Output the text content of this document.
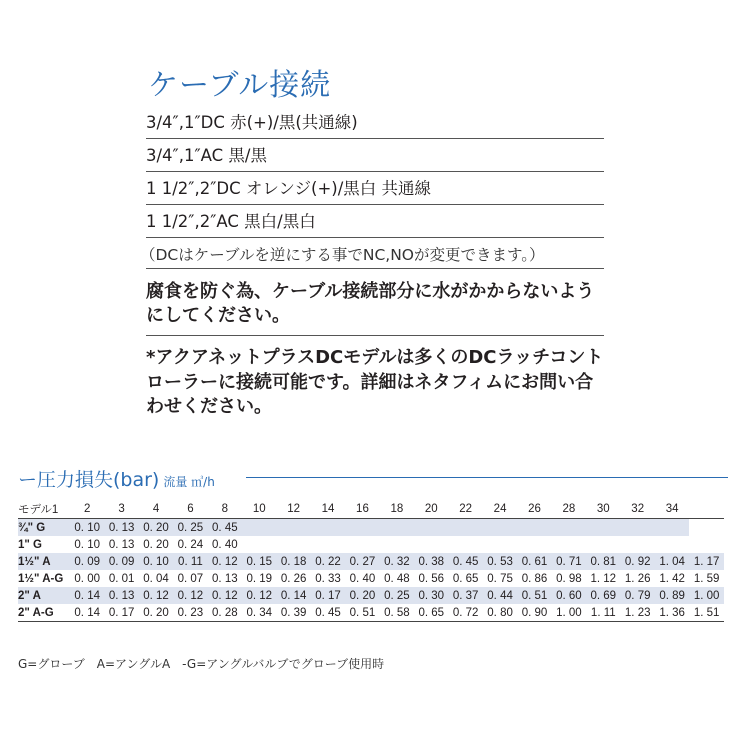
ケーブル接続
3/4″,1″DC 赤(+)/黒(共通線)
3/4″,1″AC 黒/黒
1 1/2″,2″DC オレンジ(+)/黒白 共通線
1 1/2″,2″AC 黒白/黒白
（DCはケーブルを逆にする事でNC,NOが変更できます。）
腐食を防ぐ為、ケーブル接続部分に水がかからないようにしてください。
*アクアネットプラスDCモデルは多くのDCラッチコントローラーに接続可能です。詳細はネタフィムにお問い合わせください。
ー圧力損失(bar) 流量 ㎥/h
モデル1	2	3	4	6	8	10	12	14	16	18	20	22	24	26	28	30	32	34	
¾" G	0. 10	0. 13	0. 20	0. 25	0. 45														
1" G	0. 10	0. 13	0. 20	0. 24	0. 40														
1½" A	0. 09	0. 09	0. 10	0. 11	0. 12	0. 15	0. 18	0. 22	0. 27	0. 32	0. 38	0. 45	0. 53	0. 61	0. 71	0. 81	0. 92	1. 04	1. 17
1½" A-G	0. 00	0. 01	0. 04	0. 07	0. 13	0. 19	0. 26	0. 33	0. 40	0. 48	0. 56	0. 65	0. 75	0. 86	0. 98	1. 12	1. 26	1. 42	1. 59
2" A	0. 14	0. 13	0. 12	0. 12	0. 12	0. 12	0. 14	0. 17	0. 20	0. 25	0. 30	0. 37	0. 44	0. 51	0. 60	0. 69	0. 79	0. 89	1. 00
2" A-G	0. 14	0. 17	0. 20	0. 23	0. 28	0. 34	0. 39	0. 45	0. 51	0. 58	0. 65	0. 72	0. 80	0. 90	1. 00	1. 11	1. 23	1. 36	1. 51
G=グローブ　A=アングルA　-G=アングルバルブでグローブ使用時
